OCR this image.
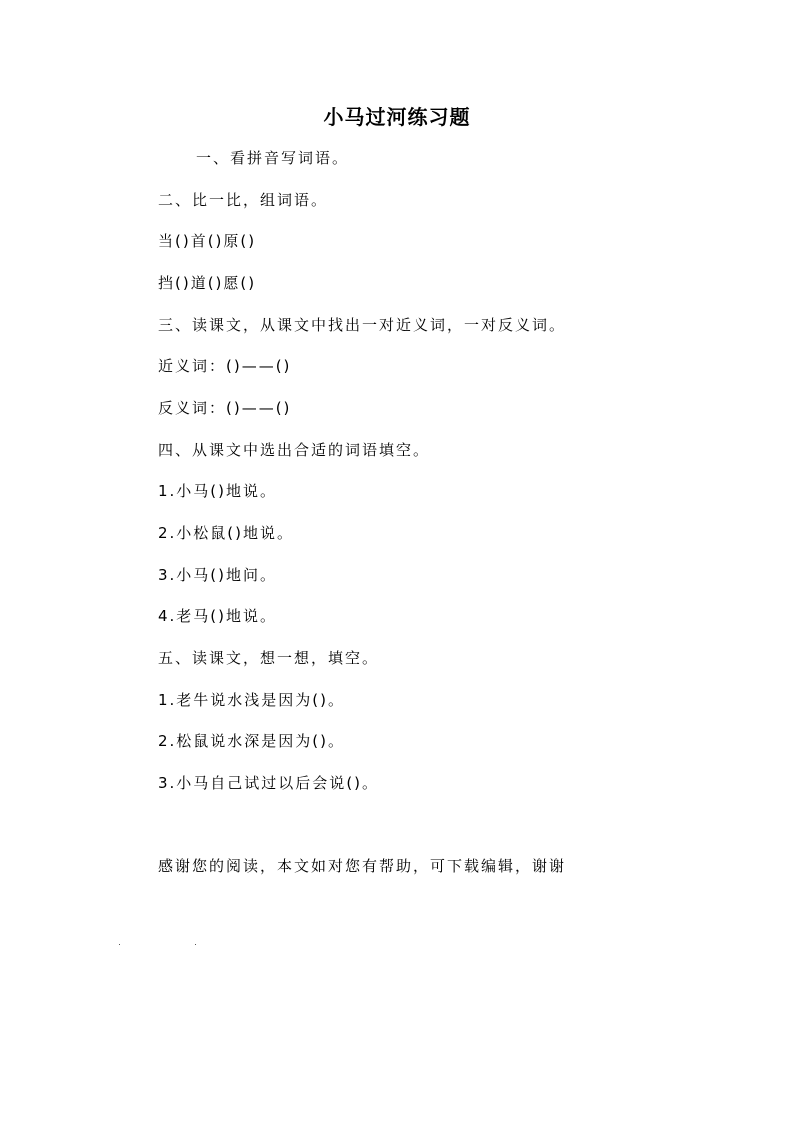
小马过河练习题
一、看拼音写词语。
二、比一比，组词语。
当()首()原()
挡()道()愿()
三、读课文，从课文中找出一对近义词，一对反义词。
近义词：()——()
反义词：()——()
四、从课文中选出合适的词语填空。
1.小马()地说。
2.小松鼠()地说。
3.小马()地问。
4.老马()地说。
五、读课文，想一想，填空。
1.老牛说水浅是因为()。
2.松鼠说水深是因为()。
3.小马自己试过以后会说()。
感谢您的阅读，本文如对您有帮助，可下载编辑，谢谢
